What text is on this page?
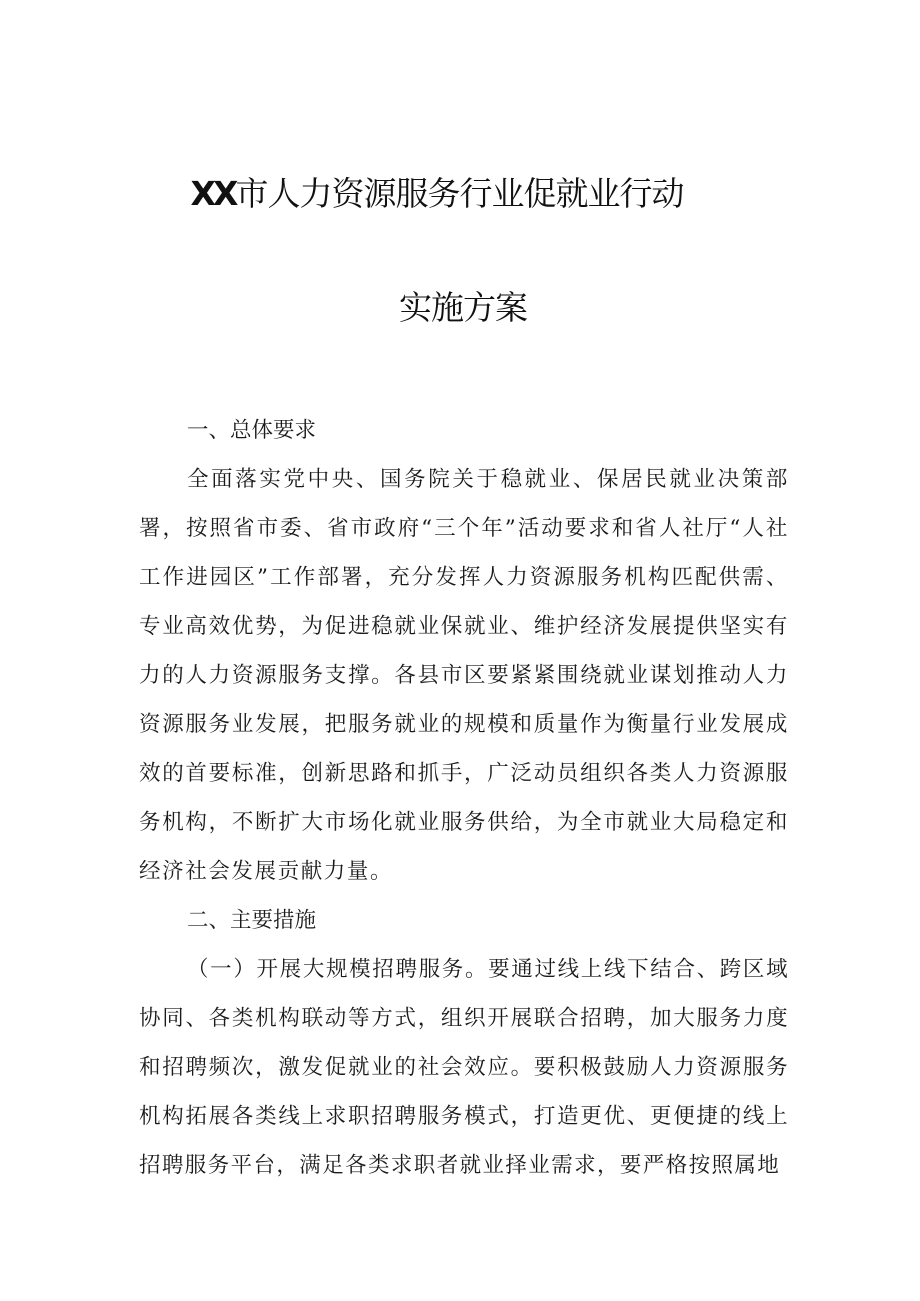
XX市人力资源服务行业促就业行动
实施方案

一、总体要求

全面落实党中央、国务院关于稳就业、保居民就业决策部署，按照省市委、省市政府“三个年”活动要求和省人社厅“人社工作进园区”工作部署，充分发挥人力资源服务机构匹配供需、专业高效优势，为促进稳就业保就业、维护经济发展提供坚实有力的人力资源服务支撑。各县市区要紧紧围绕就业谋划推动人力资源服务业发展，把服务就业的规模和质量作为衡量行业发展成效的首要标准，创新思路和抓手，广泛动员组织各类人力资源服务机构，不断扩大市场化就业服务供给，为全市就业大局稳定和经济社会发展贡献力量。

二、主要措施

（一）开展大规模招聘服务。要通过线上线下结合、跨区域协同、各类机构联动等方式，组织开展联合招聘，加大服务力度和招聘频次，激发促就业的社会效应。要积极鼓励人力资源服务机构拓展各类线上求职招聘服务模式，打造更优、更便捷的线上招聘服务平台，满足各类求职者就业择业需求，要严格按照属地
